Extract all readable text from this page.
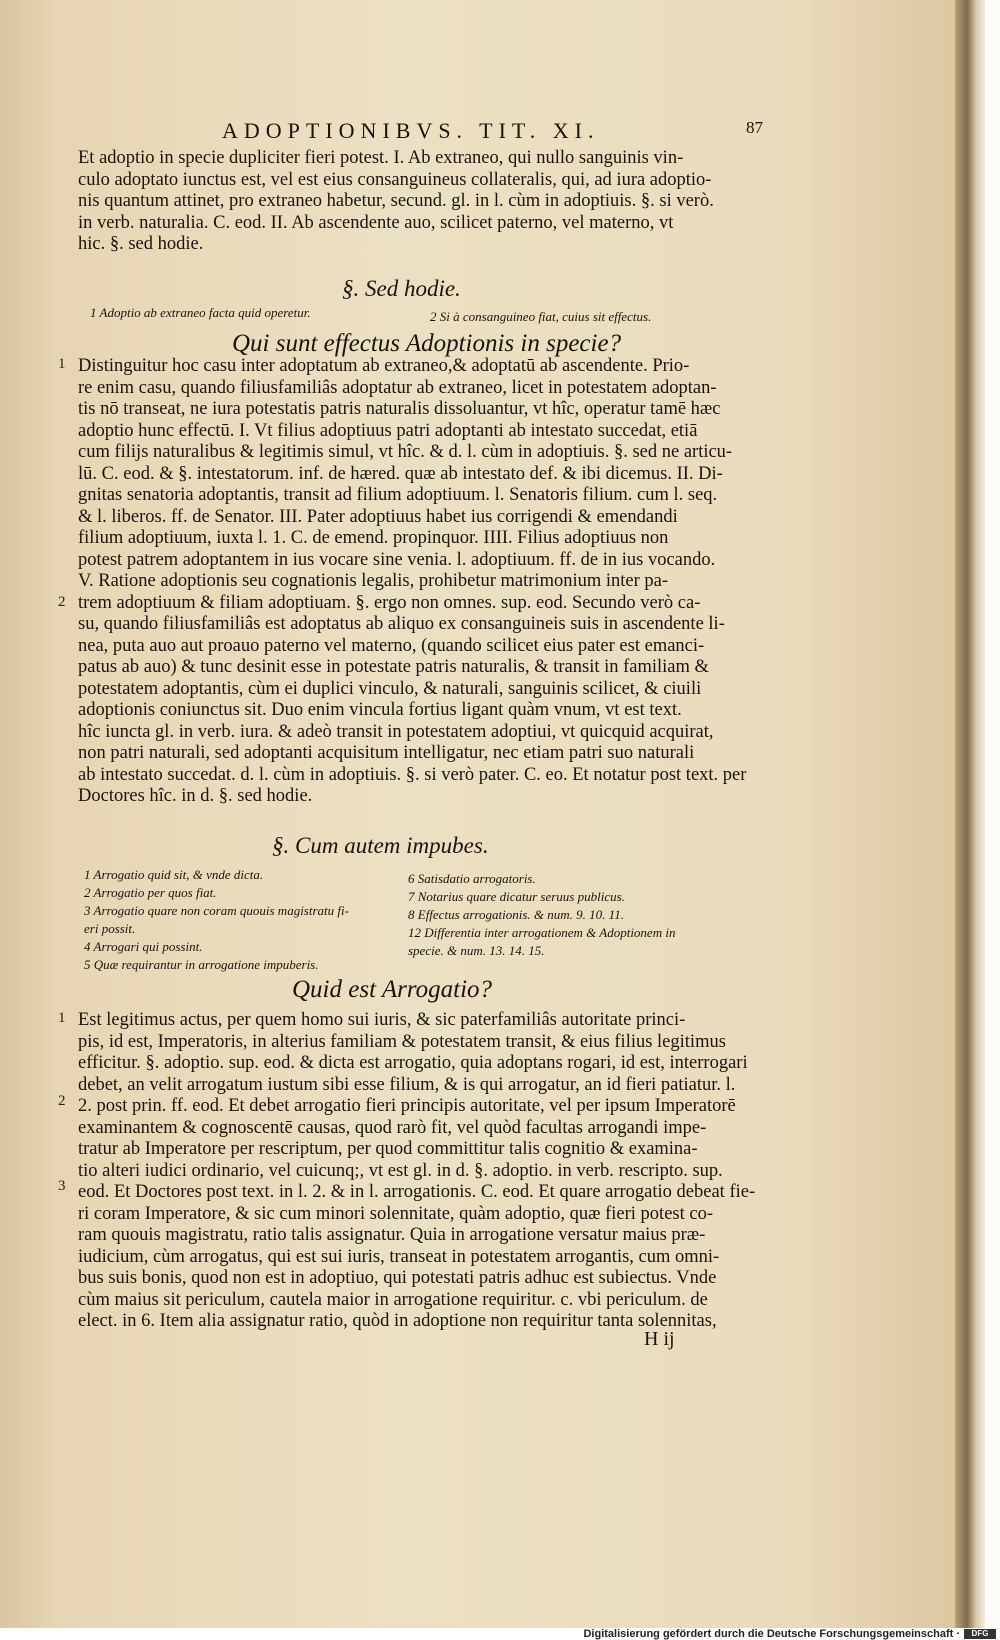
ADOPTIONIBVS. TIT. XI.	87
Et adoptio in specie dupliciter fieri potest. I. Ab extraneo, qui nullo sanguinis vin-
culo adoptato iunctus est, vel est eius consanguineus collateralis, qui, ad iura adoptio-
nis quantum attinet, pro extraneo habetur, secund. gl. in l. cùm in adoptiuis. §. si verò.
in verb. naturalia. C. eod. II. Ab ascendente auo, scilicet paterno, vel materno, vt
hic. §. sed hodie.
§. Sed hodie.
1 Adoptio ab extraneo facta quid operetur.	2 Si à consanguineo fiat, cuius sit effectus.
Qui sunt effectus Adoptionis in specie?
Distinguitur hoc casu inter adoptatum ab extraneo,& adoptatū ab ascendente. Prio-
re enim casu, quando filiusfamiliâs adoptatur ab extraneo, licet in potestatem adoptan-
tis nō transeat, ne iura potestatis patris naturalis dissoluantur, vt hîc, operatur tamē hæc
adoptio hunc effectū. I. Vt filius adoptiuus patri adoptanti ab intestato succedat, etiā
cum filijs naturalibus & legitimis simul, vt hîc. & d. l. cùm in adoptiuis. §. sed ne articu-
lū. C. eod. & §. intestatorum. inf. de hæred. quæ ab intestato def. & ibi dicemus. II. Di-
gnitas senatoria adoptantis, transit ad filium adoptiuum. l. Senatoris filium. cum l. seq.
& l. liberos. ff. de Senator. III. Pater adoptiuus habet ius corrigendi & emendandi
filium adoptiuum, iuxta l. 1. C. de emend. propinquor. IIII. Filius adoptiuus non
potest patrem adoptantem in ius vocare sine venia. l. adoptiuum. ff. de in ius vocando.
V. Ratione adoptionis seu cognationis legalis, prohibetur matrimonium inter pa-
trem adoptiuum & filiam adoptiuam. §. ergo non omnes. sup. eod. Secundo verò ca-
su, quando filiusfamiliâs est adoptatus ab aliquo ex consanguineis suis in ascendente li-
nea, puta auo aut proauo paterno vel materno, (quando scilicet eius pater est emanci-
patus ab auo) & tunc desinit esse in potestate patris naturalis, & transit in familiam &
potestatem adoptantis, cùm ei duplici vinculo, & naturali, sanguinis scilicet, & ciuili
adoptionis coniunctus sit. Duo enim vincula fortius ligant quàm vnum, vt est text.
hîc iuncta gl. in verb. iura. & adeò transit in potestatem adoptiui, vt quicquid acquirat,
non patri naturali, sed adoptanti acquisitum intelligatur, nec etiam patri suo naturali
ab intestato succedat. d. l. cùm in adoptiuis. §. si verò pater. C. eo. Et notatur post text. per
Doctores hîc. in d. §. sed hodie.
§. Cum autem impubes.
1 Arrogatio quid sit, & vnde dicta.
2 Arrogatio per quos fiat.
3 Arrogatio quare non coram quouis magistratu fi-
eri possit.
4 Arrogari qui possint.
5 Quæ requirantur in arrogatione impuberis.
6 Satisdatio arrogatoris.
7 Notarius quare dicatur seruus publicus.
8 Effectus arrogationis. & num. 9. 10. 11.
12 Differentia inter arrogationem & Adoptionem in
specie. & num. 13. 14. 15.
Quid est Arrogatio?
Est legitimus actus, per quem homo sui iuris, & sic paterfamiliâs autoritate princi-
pis, id est, Imperatoris, in alterius familiam & potestatem transit, & eius filius legitimus
efficitur. §. adoptio. sup. eod. & dicta est arrogatio, quia adoptans rogari, id est, interrogari
debet, an velit arrogatum iustum sibi esse filium, & is qui arrogatur, an id fieri patiatur. l.
2. post prin. ff. eod. Et debet arrogatio fieri principis autoritate, vel per ipsum Imperatorē
examinantem & cognoscentē causas, quod rarò fit, vel quòd facultas arrogandi impe-
tratur ab Imperatore per rescriptum, per quod committitur talis cognitio & examina-
tio alteri iudici ordinario, vel cuicunq;, vt est gl. in d. §. adoptio. in verb. rescripto. sup.
eod. Et Doctores post text. in l. 2. & in l. arrogationis. C. eod. Et quare arrogatio debeat fie-
ri coram Imperatore, & sic cum minori solennitate, quàm adoptio, quæ fieri potest co-
ram quouis magistratu, ratio talis assignatur. Quia in arrogatione versatur maius præ-
iudicium, cùm arrogatus, qui est sui iuris, transeat in potestatem arrogantis, cum omni-
bus suis bonis, quod non est in adoptiuo, qui potestati patris adhuc est subiectus. Vnde
cùm maius sit periculum, cautela maior in arrogatione requiritur. c. vbi periculum. de
elect. in 6. Item alia assignatur ratio, quòd in adoptione non requiritur tanta solennitas,
1
2
1
2
3
H ij
Digitalisierung gefördert durch die Deutsche Forschungsgemeinschaft ·	DFG
